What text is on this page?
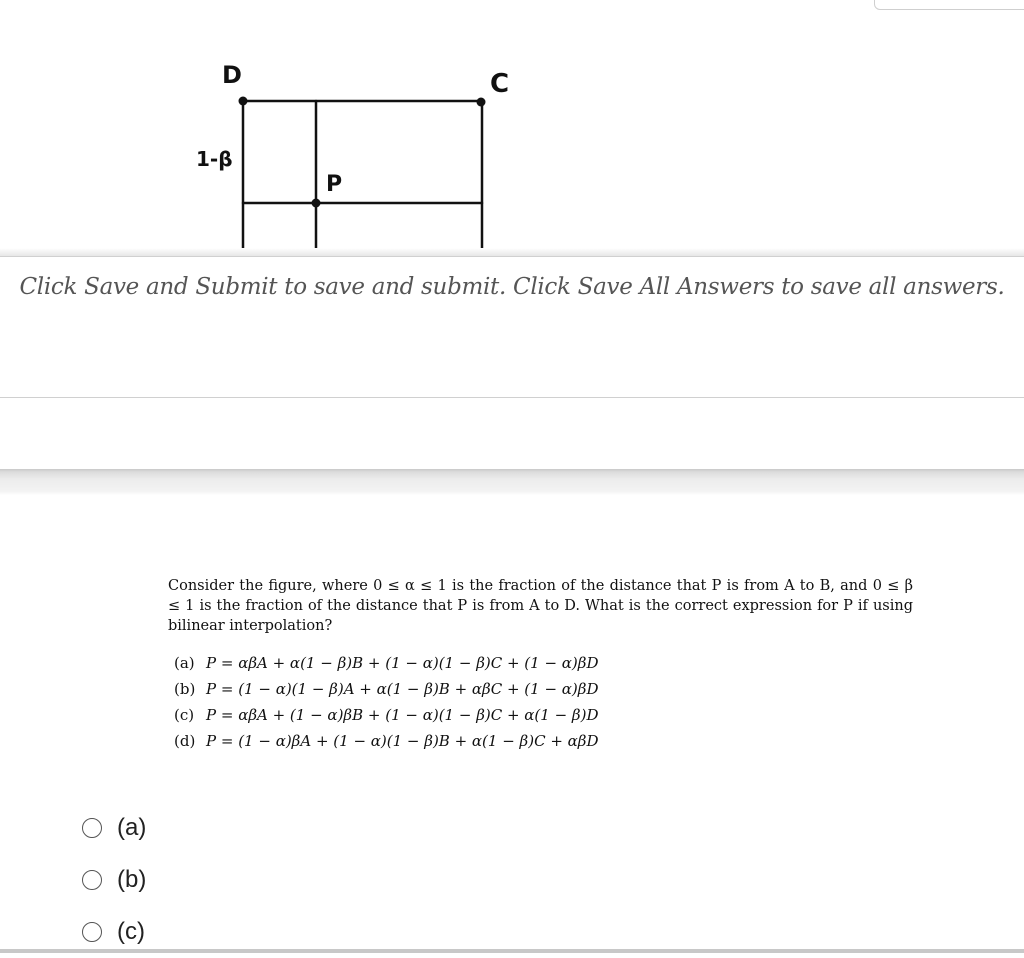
D	C
1-β
P
Click Save and Submit to save and submit. Click Save All Answers to save all answers.
Consider the figure, where 0 ≤ α ≤ 1 is the fraction of the distance that P is from A to B, and 0 ≤ β ≤ 1 is the fraction of the distance that P is from A to D. What is the correct expression for P if using bilinear interpolation?
(a) P = αβA + α(1 − β)B + (1 − α)(1 − β)C + (1 − α)βD
(b) P = (1 − α)(1 − β)A + α(1 − β)B + αβC + (1 − α)βD
(c) P = αβA + (1 − α)βB + (1 − α)(1 − β)C + α(1 − β)D
(d) P = (1 − α)βA + (1 − α)(1 − β)B + α(1 − β)C + αβD
(a)
(b)
(c)
